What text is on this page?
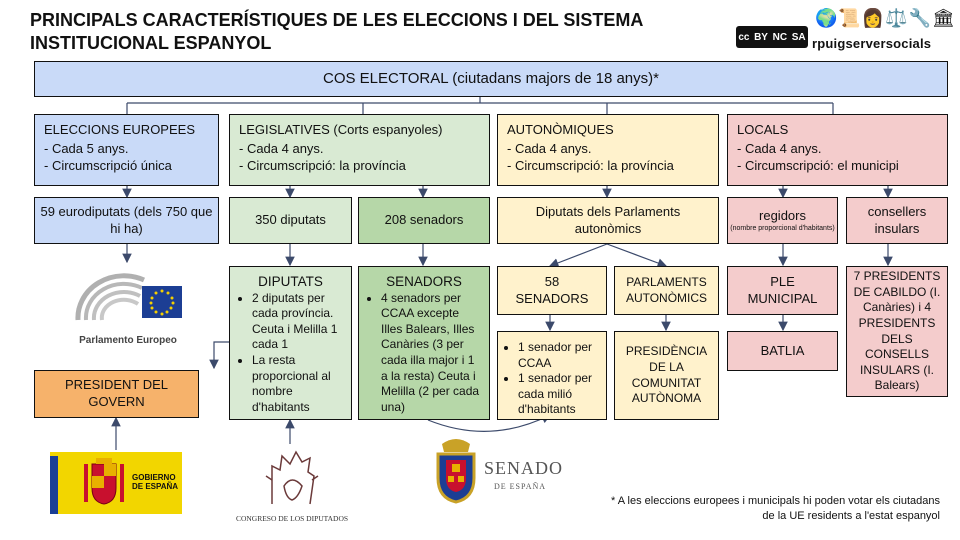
PRINCIPALS CARACTERÍSTIQUES DE LES ELECCIONS I DEL SISTEMA INSTITUCIONAL ESPANYOL
🌍📜👩⚖️🔧🏛
cc BY NC SA rpuigserversocials
COS ELECTORAL (ciutadans majors de 18 anys)*
ELECCIONS EUROPEES
- Cada 5 anys.
- Circumscripció única
LEGISLATIVES (Corts espanyoles)
- Cada 4 anys.
- Circumscripció: la província
AUTONÒMIQUES
- Cada 4 anys.
- Circumscripció: la província
LOCALS
- Cada 4 anys.
- Circumscripció: el municipi
59 eurodiputats (dels 750 que hi ha)
350 diputats	208 senadors
Diputats dels Parlaments autonòmics
regidors
(nombre proporcional d'habitants)
consellers insulars
DIPUTATS
• 2 diputats per cada província. Ceuta i Melilla 1 cada 1
• La resta proporcional al nombre d'habitants
SENADORS
• 4 senadors per CCAA excepte Illes Balears, Illes Canàries (3 per cada illa major i 1 a la resta) Ceuta i Melilla (2 per cada una)
58 SENADORS
PARLAMENTS AUTONÒMICS
• 1 senador per CCAA
• 1 senador per cada milió d'habitants
PRESIDÈNCIA DE LA COMUNITAT AUTÒNOMA
PLE MUNICIPAL
BATLIA
7 PRESIDENTS DE CABILDO (I. Canàries) i 4 PRESIDENTS DELS CONSELLS INSULARS (I. Balears)
PRESIDENT DEL GOVERN
Parlamento Europeo
GOBIERNO DE ESPAÑA
CONGRESO DE LOS DIPUTADOS
SENADO
DE ESPAÑA
* A les eleccions europees i municipals hi poden votar els ciutadans de la UE residents a l'estat espanyol
